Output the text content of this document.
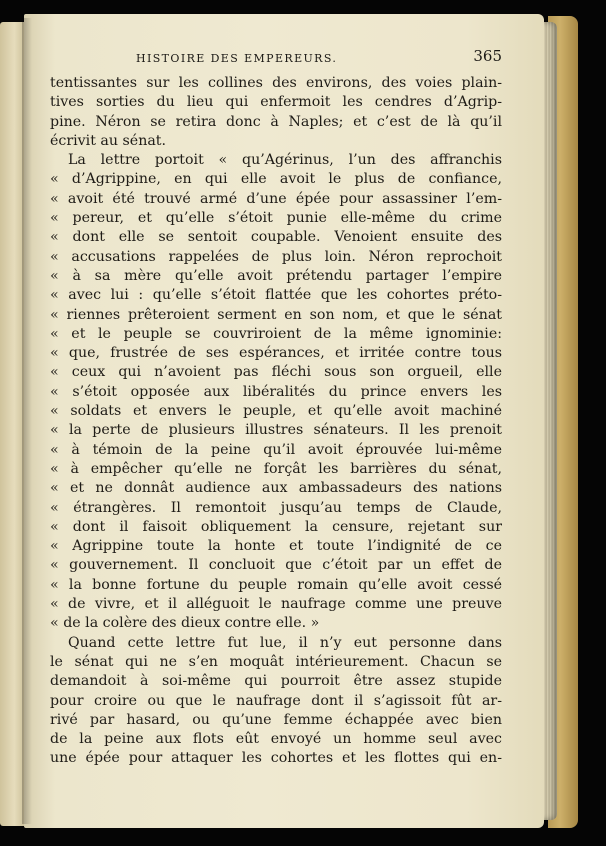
HISTOIRE DES EMPEREURS.	365
tentissantes sur les collines des environs, des voies plain-
tives sorties du lieu qui enfermoit les cendres d’Agrip-
pine. Néron se retira donc à Naples; et c’est de là qu’il
écrivit au sénat.
La lettre portoit « qu’Agérinus, l’un des affranchis
« d’Agrippine, en qui elle avoit le plus de confiance,
« avoit été trouvé armé d’une épée pour assassiner l’em-
« pereur, et qu’elle s’étoit punie elle-même du crime
« dont elle se sentoit coupable. Venoient ensuite des
« accusations rappelées de plus loin. Néron reprochoit
« à sa mère qu’elle avoit prétendu partager l’empire
« avec lui : qu’elle s’étoit flattée que les cohortes préto-
« riennes prêteroient serment en son nom, et que le sénat
« et le peuple se couvriroient de la même ignominie:
« que, frustrée de ses espérances, et irritée contre tous
« ceux qui n’avoient pas fléchi sous son orgueil, elle
« s’étoit opposée aux libéralités du prince envers les
« soldats et envers le peuple, et qu’elle avoit machiné
« la perte de plusieurs illustres sénateurs. Il les prenoit
« à témoin de la peine qu’il avoit éprouvée lui-même
« à empêcher qu’elle ne forçât les barrières du sénat,
« et ne donnât audience aux ambassadeurs des nations
« étrangères. Il remontoit jusqu’au temps de Claude,
« dont il faisoit obliquement la censure, rejetant sur
« Agrippine toute la honte et toute l’indignité de ce
« gouvernement. Il concluoit que c’étoit par un effet de
« la bonne fortune du peuple romain qu’elle avoit cessé
« de vivre, et il alléguoit le naufrage comme une preuve
« de la colère des dieux contre elle. »
Quand cette lettre fut lue, il n’y eut personne dans
le sénat qui ne s’en moquât intérieurement. Chacun se
demandoit à soi-même qui pourroit être assez stupide
pour croire ou que le naufrage dont il s’agissoit fût ar-
rivé par hasard, ou qu’une femme échappée avec bien
de la peine aux flots eût envoyé un homme seul avec
une épée pour attaquer les cohortes et les flottes qui en-
